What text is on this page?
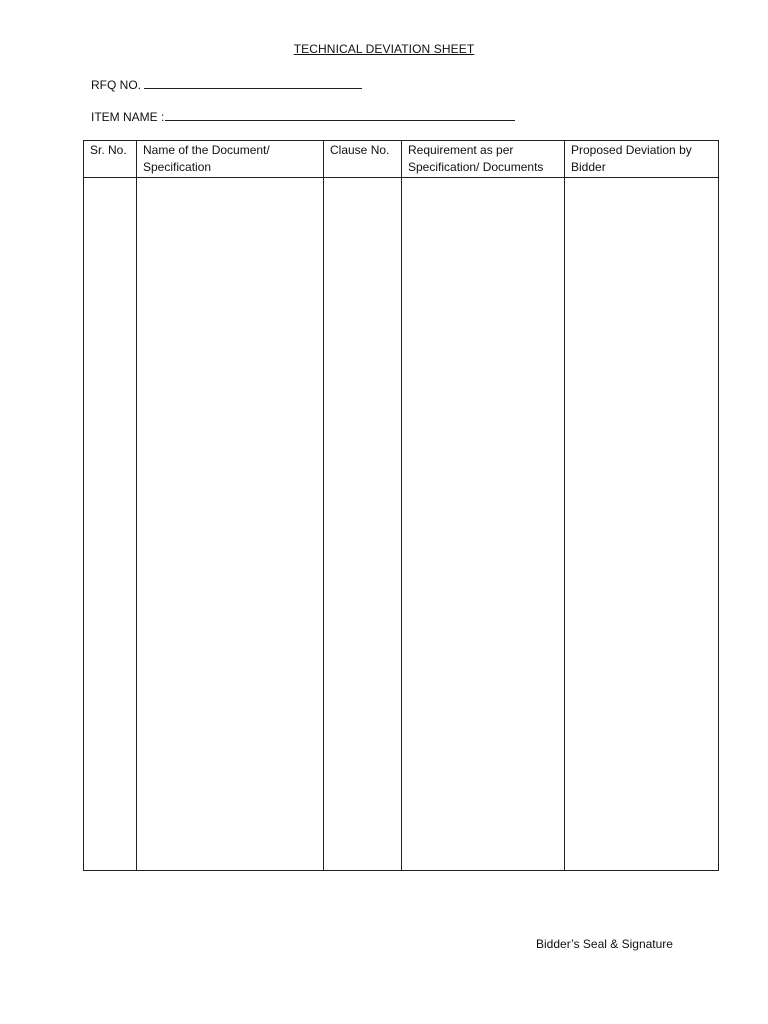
TECHNICAL DEVIATION SHEET
RFQ NO.
ITEM NAME :
Sr. No.	Name of the Document/ Specification	Clause No.	Requirement as per Specification/ Documents	Proposed Deviation by Bidder

Bidder’s Seal & Signature
